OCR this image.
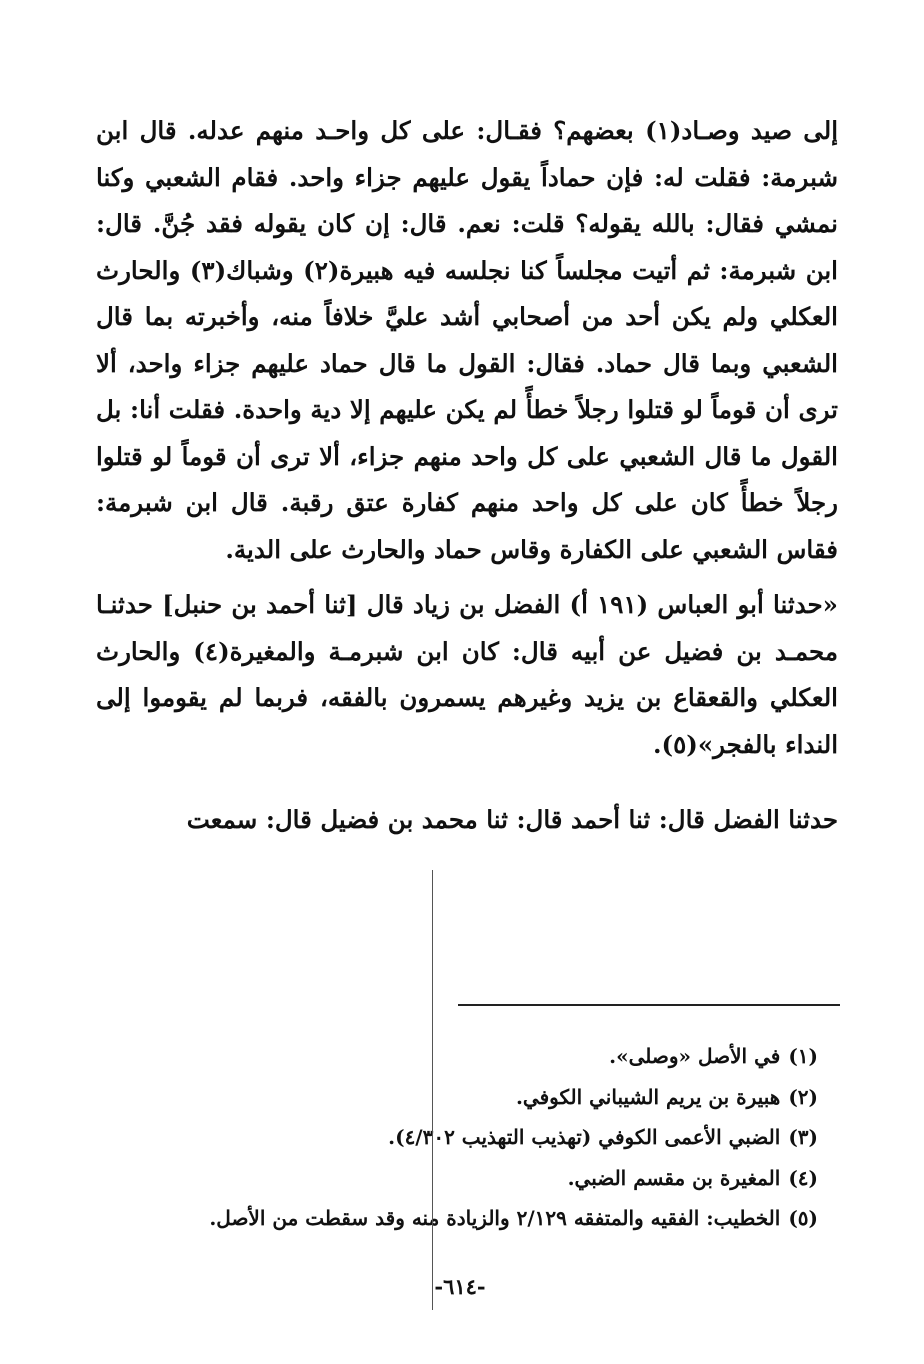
إلى صيد وصـاد(١) بعضهم؟ فقـال: على كل واحـد منهم عدله. قال ابن شبرمة: فقلت له: فإن حماداً يقول عليهم جزاء واحد. فقام الشعبي وكنا نمشي فقال: بالله يقوله؟ قلت: نعم. قال: إن كان يقوله فقد جُنَّ. قال: ابن شبرمة: ثم أتيت مجلساً كنا نجلسه فيه هبيرة(٢) وشباك(٣) والحارث العكلي ولم يكن أحد من أصحابي أشد عليَّ خلافاً منه، وأخبرته بما قال الشعبي وبما قال حماد. فقال: القول ما قال حماد عليهم جزاء واحد، ألا ترى أن قوماً لو قتلوا رجلاً خطأً لم يكن عليهم إلا دية واحدة. فقلت أنا: بل القول ما قال الشعبي على كل واحد منهم جزاء، ألا ترى أن قوماً لو قتلوا رجلاً خطأً كان على كل واحد منهم كفارة عتق رقبة. قال ابن شبرمة: فقاس الشعبي على الكفارة وقاس حماد والحارث على الدية.
«حدثنا أبو العباس (١٩١ أ) الفضل بن زياد قال [ثنا أحمد بن حنبل] حدثنـا محمـد بن فضيل عن أبيه قال: كان ابن شبرمـة والمغيرة(٤) والحارث العكلي والقعقاع بن يزيد وغيرهم يسمرون بالفقه، فربما لم يقوموا إلى النداء بالفجر»(٥).
حدثنا الفضل قال: ثنا أحمد قال: ثنا محمد بن فضيل قال: سمعت
(١)في الأصل «وصلى».
(٢)هبيرة بن يريم الشيباني الكوفي.
(٣)الضبي الأعمى الكوفي (تهذيب التهذيب ٤/٣٠٢).
(٤)المغيرة بن مقسم الضبي.
(٥)الخطيب: الفقيه والمتفقه ٢/١٢٩ والزيادة منه وقد سقطت من الأصل.
-٦١٤-
